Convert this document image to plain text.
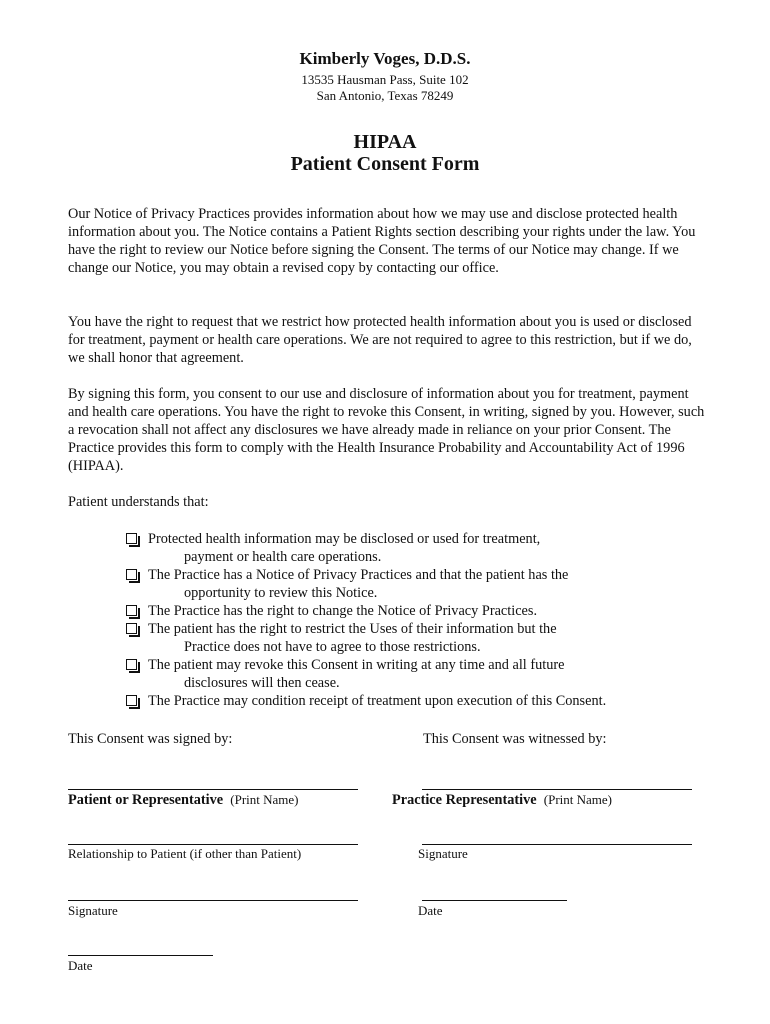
Kimberly Voges, D.D.S.
13535 Hausman Pass, Suite 102
San Antonio, Texas 78249
HIPAA
Patient Consent Form
Our Notice of Privacy Practices provides information about how we may use and disclose protected health information about you. The Notice contains a Patient Rights section describing your rights under the law. You have the right to review our Notice before signing the Consent. The terms of our Notice may change. If we change our Notice, you may obtain a revised copy by contacting our office.
You have the right to request that we restrict how protected health information about you is used or disclosed for treatment, payment or health care operations. We are not required to agree to this restriction, but if we do, we shall honor that agreement.
By signing this form, you consent to our use and disclosure of information about you for treatment, payment and health care operations. You have the right to revoke this Consent, in writing, signed by you. However, such a revocation shall not affect any disclosures we have already made in reliance on your prior Consent. The Practice provides this form to comply with the Health Insurance Probability and Accountability Act of 1996 (HIPAA).
Patient understands that:
Protected health information may be disclosed or used for treatment,
payment or health care operations.
The Practice has a Notice of Privacy Practices and that the patient has the
opportunity to review this Notice.
The Practice has the right to change the Notice of Privacy Practices.
The patient has the right to restrict the Uses of their information but the
Practice does not have to agree to those restrictions.
The patient may revoke this Consent in writing at any time and all future
disclosures will then cease.
The Practice may condition receipt of treatment upon execution of this Consent.
This Consent was signed by:	This Consent was witnessed by:
Patient or Representative (Print Name)	Practice Representative (Print Name)
Relationship to Patient (if other than Patient)	Signature
Signature	Date
Date
